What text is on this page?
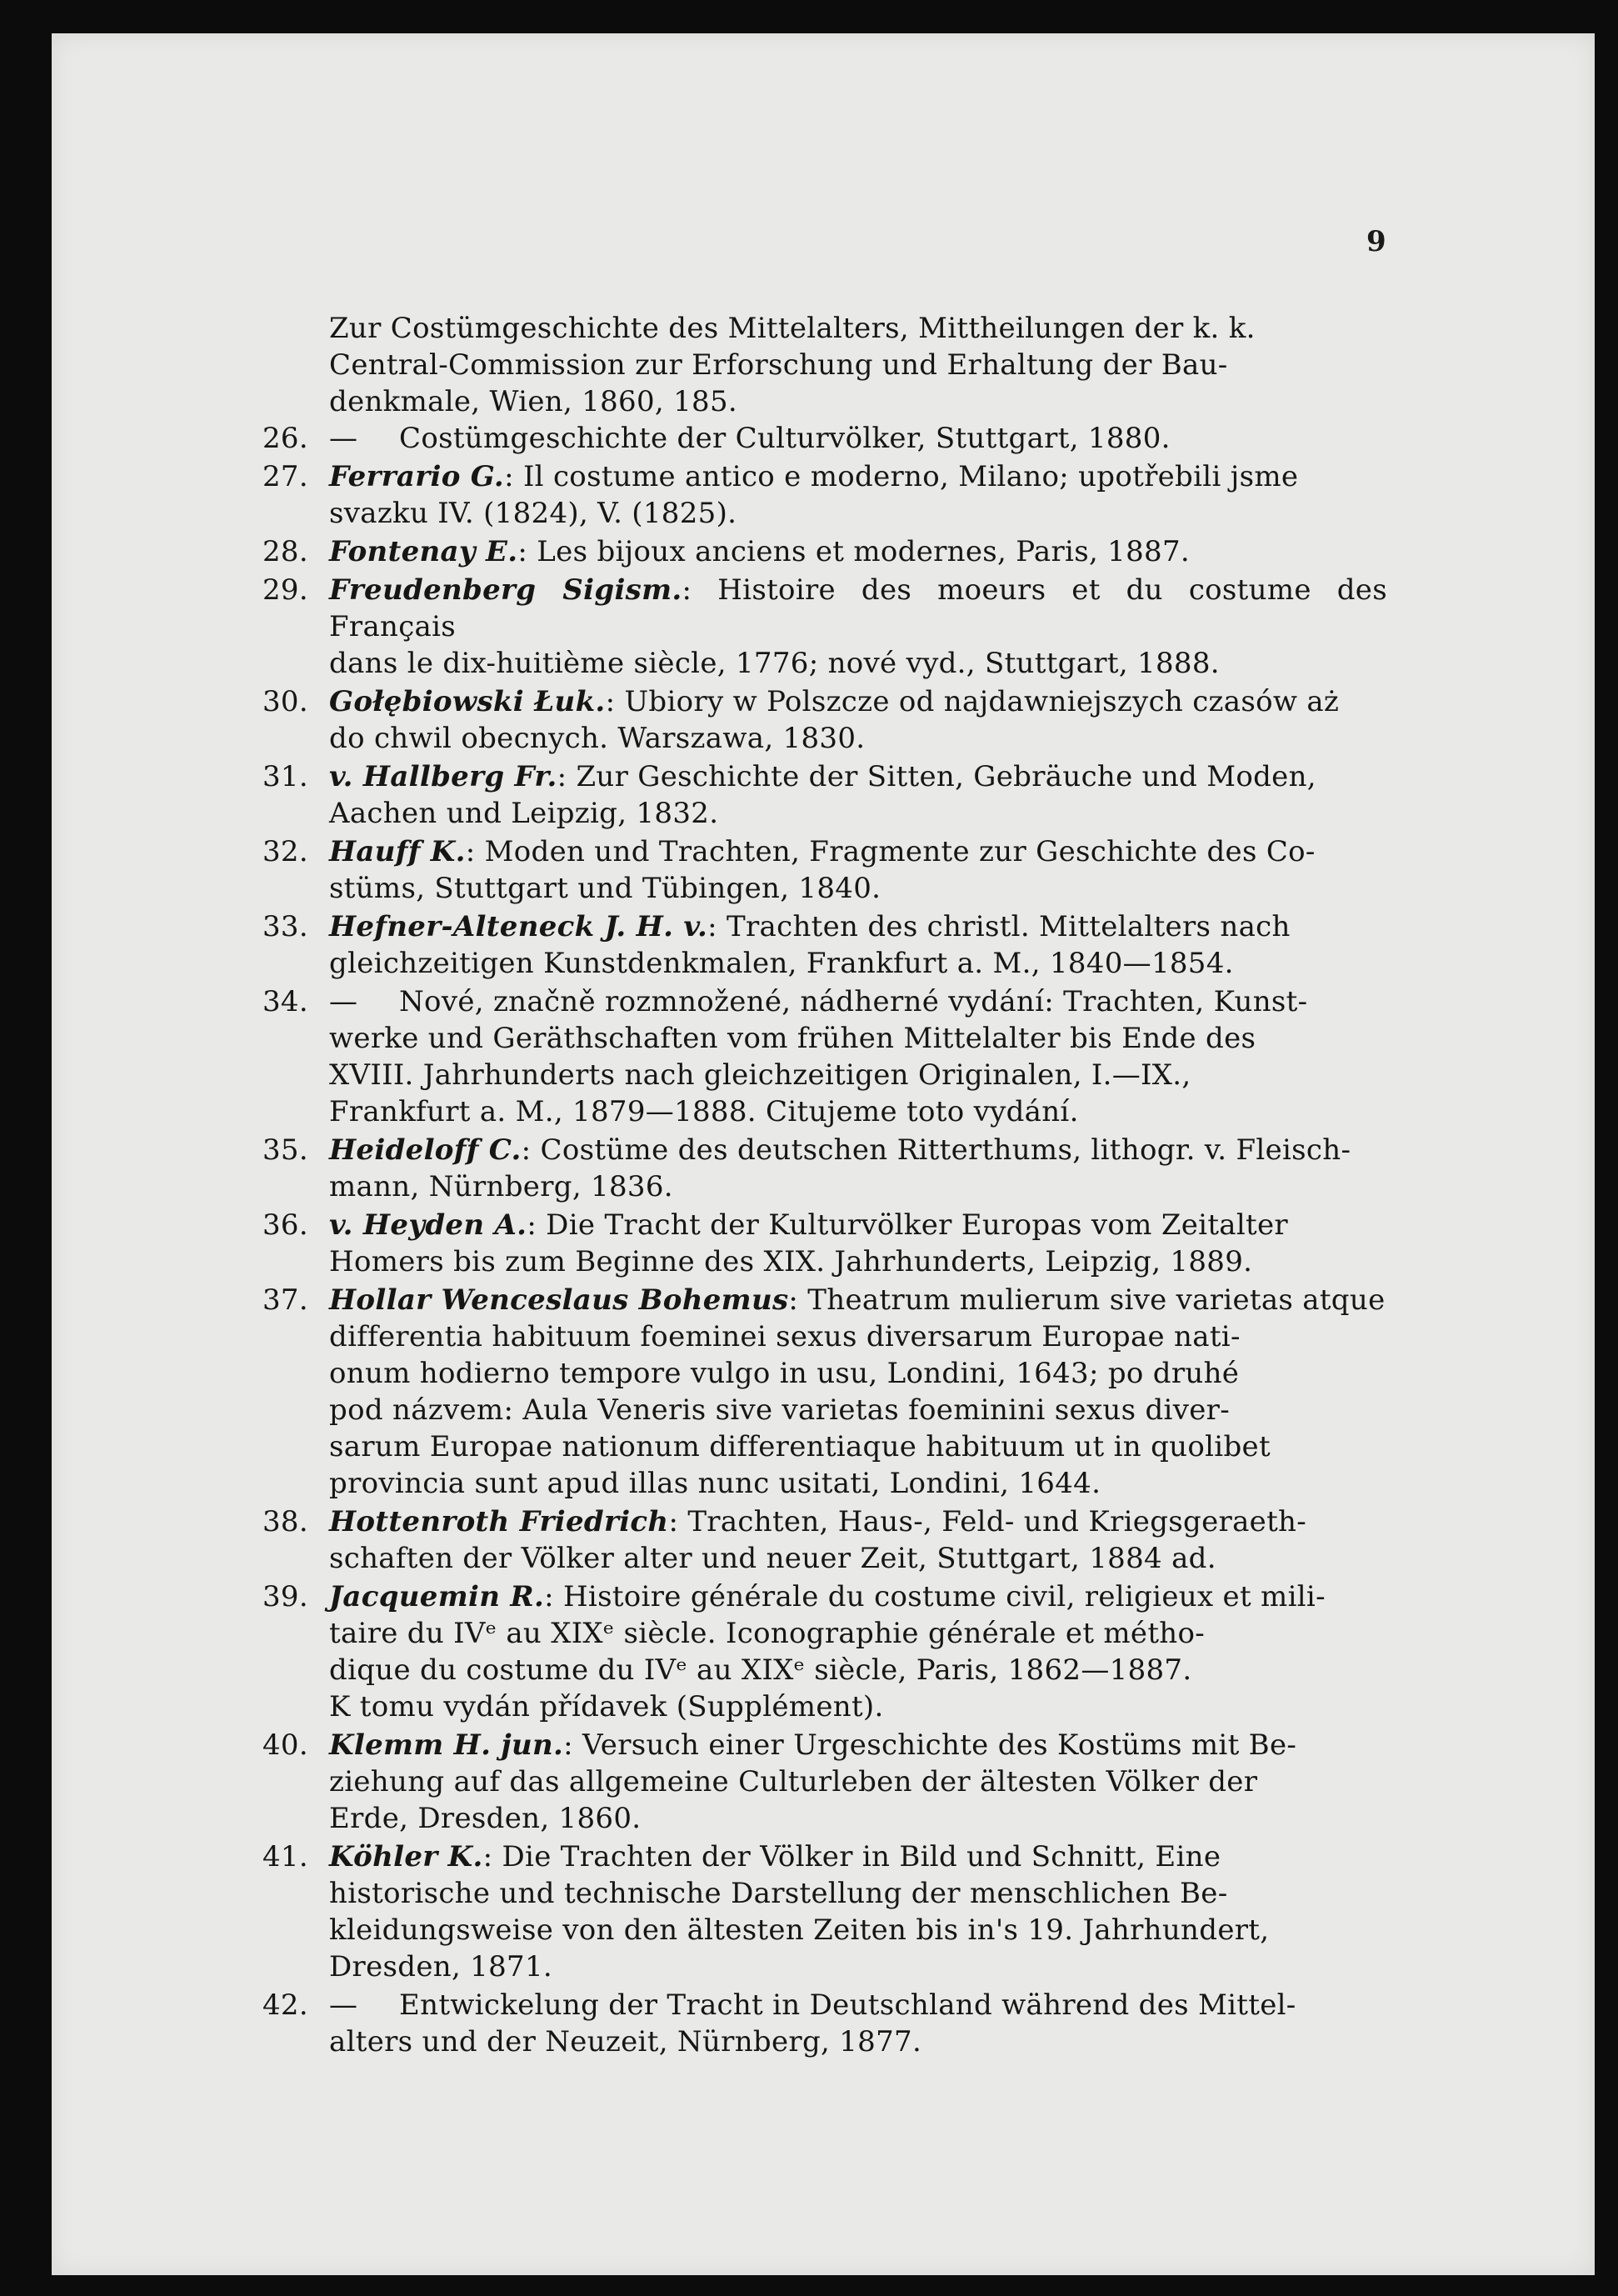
9
Zur Costümgeschichte des Mittelalters, Mittheilungen der k. k.
Central-Commission zur Erforschung und Erhaltung der Bau-
denkmale, Wien, 1860, 185.
26. — Costümgeschichte der Culturvölker, Stuttgart, 1880.
27. Ferrario G.: Il costume antico e moderno, Milano; upotřebili jsme
svazku IV. (1824), V. (1825).
28. Fontenay E.: Les bijoux anciens et modernes, Paris, 1887.
29. Freudenberg Sigism.: Histoire des moeurs et du costume des Français
dans le dix-huitième siècle, 1776; nové vyd., Stuttgart, 1888.
30. Gołębiowski Łuk.: Ubiory w Polszcze od najdawniejszych czasów aż
do chwil obecnych. Warszawa, 1830.
31. v. Hallberg Fr.: Zur Geschichte der Sitten, Gebräuche und Moden,
Aachen und Leipzig, 1832.
32. Hauff K.: Moden und Trachten, Fragmente zur Geschichte des Co-
stüms, Stuttgart und Tübingen, 1840.
33. Hefner-Alteneck J. H. v.: Trachten des christl. Mittelalters nach
gleichzeitigen Kunstdenkmalen, Frankfurt a. M., 1840—1854.
34. — Nové, značně rozmnožené, nádherné vydání: Trachten, Kunst-
werke und Geräthschaften vom frühen Mittelalter bis Ende des
XVIII. Jahrhunderts nach gleichzeitigen Originalen, I.—IX.,
Frankfurt a. M., 1879—1888. Citujeme toto vydání.
35. Heideloff C.: Costüme des deutschen Ritterthums, lithogr. v. Fleisch-
mann, Nürnberg, 1836.
36. v. Heyden A.: Die Tracht der Kulturvölker Europas vom Zeitalter
Homers bis zum Beginne des XIX. Jahrhunderts, Leipzig, 1889.
37. Hollar Wenceslaus Bohemus: Theatrum mulierum sive varietas atque
differentia habituum foeminei sexus diversarum Europae nati-
onum hodierno tempore vulgo in usu, Londini, 1643; po druhé
pod názvem: Aula Veneris sive varietas foeminini sexus diver-
sarum Europae nationum differentiaque habituum ut in quolibet
provincia sunt apud illas nunc usitati, Londini, 1644.
38. Hottenroth Friedrich: Trachten, Haus-, Feld- und Kriegsgeraeth-
schaften der Völker alter und neuer Zeit, Stuttgart, 1884 ad.
39. Jacquemin R.: Histoire générale du costume civil, religieux et mili-
taire du IVᵉ au XIXᵉ siècle. Iconographie générale et métho-
dique du costume du IVᵉ au XIXᵉ siècle, Paris, 1862—1887.
K tomu vydán přídavek (Supplément).
40. Klemm H. jun.: Versuch einer Urgeschichte des Kostüms mit Be-
ziehung auf das allgemeine Culturleben der ältesten Völker der
Erde, Dresden, 1860.
41. Köhler K.: Die Trachten der Völker in Bild und Schnitt, Eine
historische und technische Darstellung der menschlichen Be-
kleidungsweise von den ältesten Zeiten bis in's 19. Jahrhundert,
Dresden, 1871.
42. — Entwickelung der Tracht in Deutschland während des Mittel-
alters und der Neuzeit, Nürnberg, 1877.
